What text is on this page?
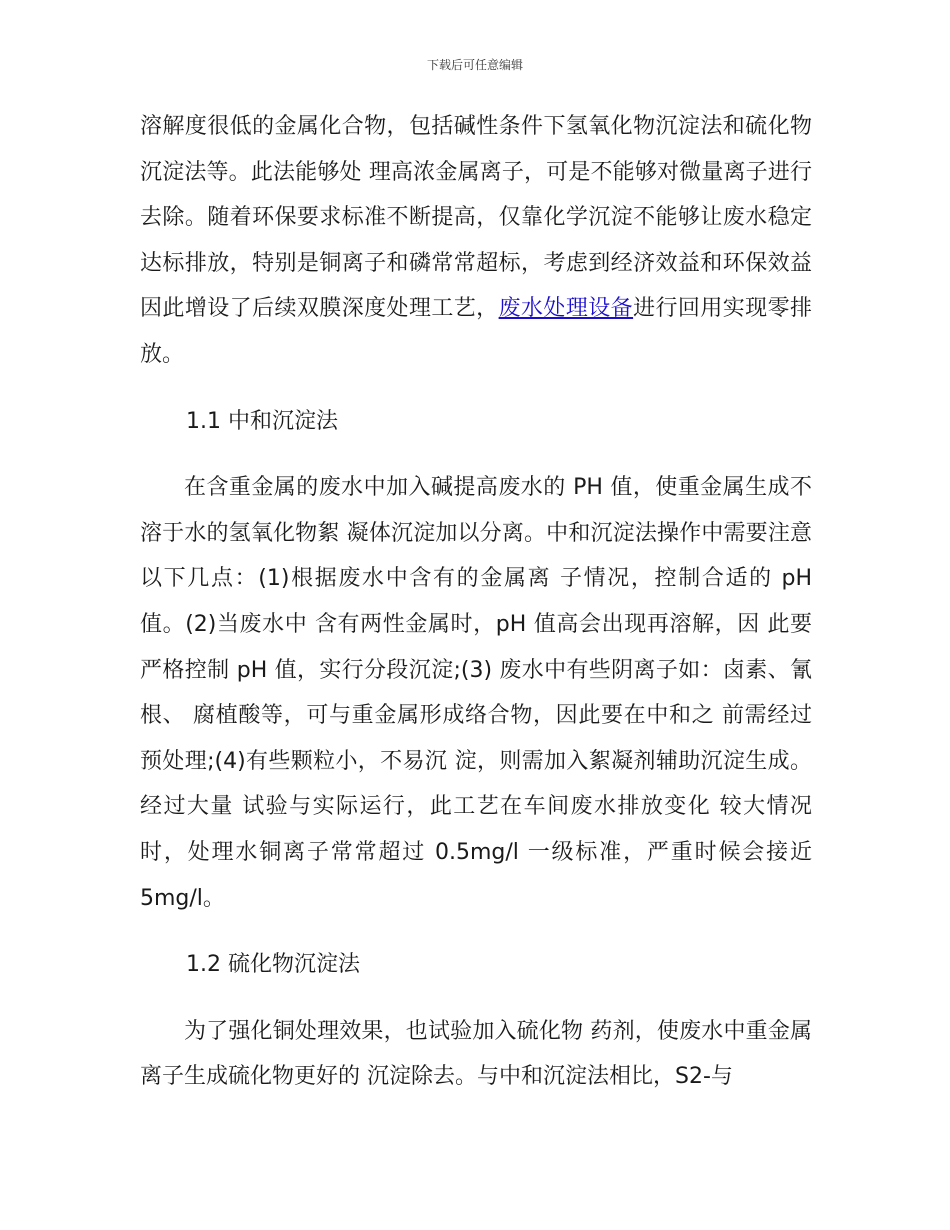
下载后可任意编辑

溶解度很低的金属化合物，包括碱性条件下氢氧化物沉淀法和硫化物沉淀法等。此法能够处 理高浓金属离子，可是不能够对微量离子进行去除。随着环保要求标准不断提高，仅靠化学沉淀不能够让废水稳定达标排放，特别是铜离子和磷常常超标，考虑到经济效益和环保效益因此增设了后续双膜深度处理工艺，废水处理设备进行回用实现零排放。

1.1 中和沉淀法

在含重金属的废水中加入碱提高废水的 PH 值，使重金属生成不溶于水的氢氧化物絮 凝体沉淀加以分离。中和沉淀法操作中需要注意以下几点：(1)根据废水中含有的金属离 子情况，控制合适的 pH 值。(2)当废水中 含有两性金属时，pH 值高会出现再溶解，因 此要严格控制 pH 值，实行分段沉淀;(3) 废水中有些阴离子如：卤素、氰根、 腐植酸等，可与重金属形成络合物，因此要在中和之 前需经过预处理;(4)有些颗粒小，不易沉 淀，则需加入絮凝剂辅助沉淀生成。经过大量 试验与实际运行，此工艺在车间废水排放变化 较大情况时，处理水铜离子常常超过 0.5mg/l 一级标准，严重时候会接近 5mg/l。

1.2 硫化物沉淀法

为了强化铜处理效果，也试验加入硫化物 药剂，使废水中重金属离子生成硫化物更好的 沉淀除去。与中和沉淀法相比，S2-与
